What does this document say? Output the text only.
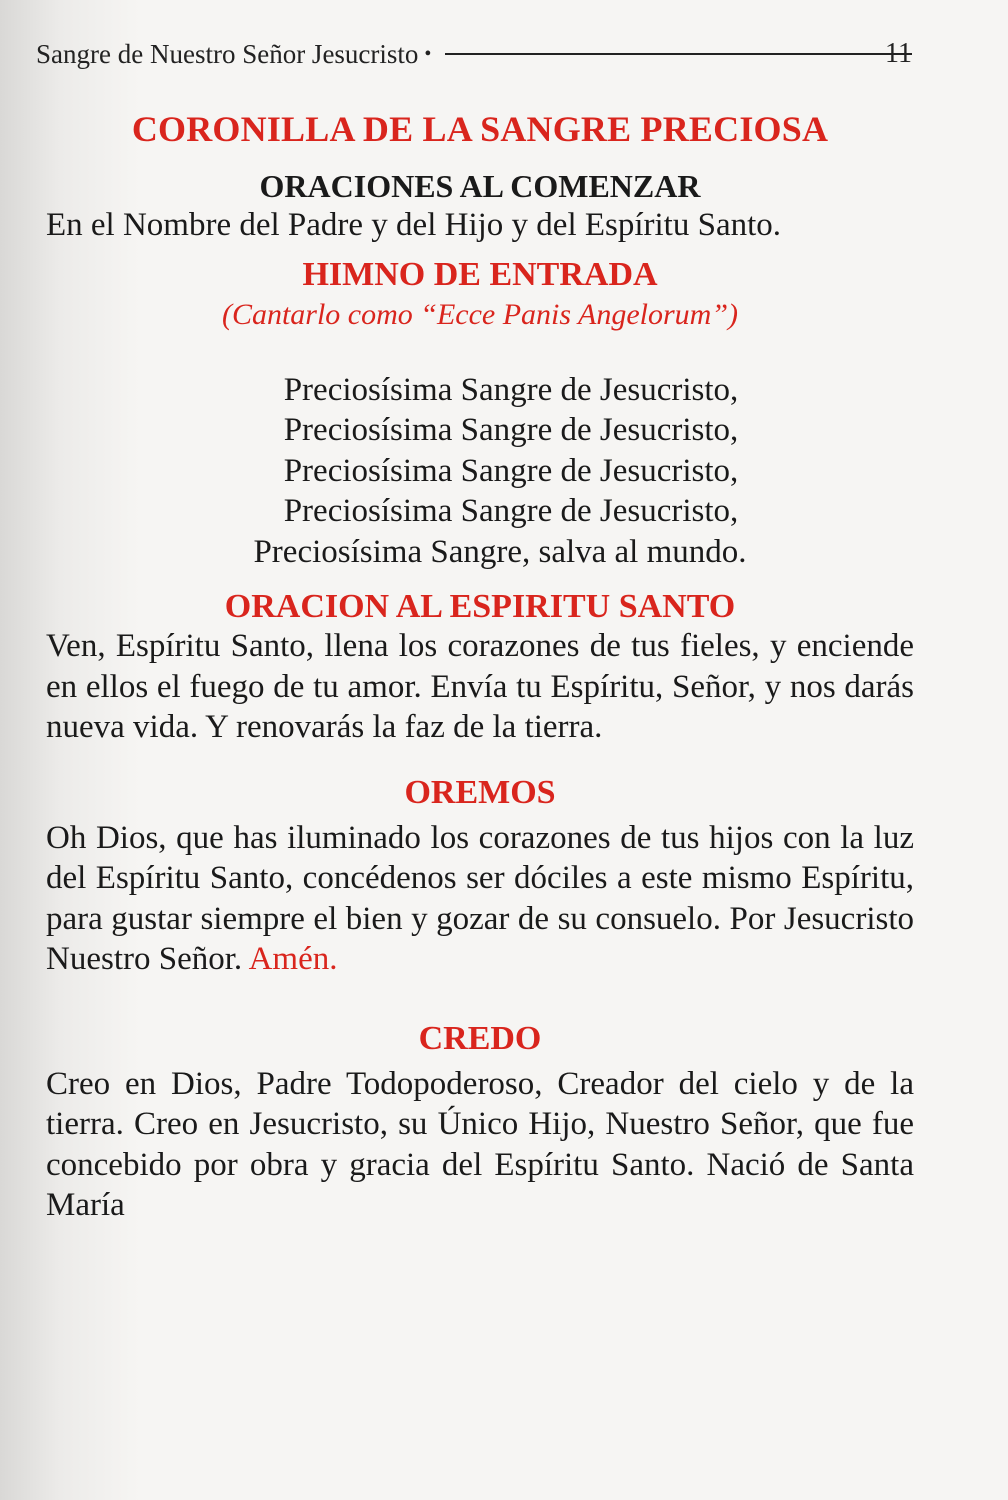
Sangre de Nuestro Señor Jesucristo •	11
CORONILLA DE LA SANGRE PRECIOSA
ORACIONES AL COMENZAR

En el Nombre del Padre y del Hijo y del Espíritu Santo.

HIMNO DE ENTRADA
(Cantarlo como “Ecce Panis Angelorum”)
Preciosísima Sangre de Jesucristo,
Preciosísima Sangre de Jesucristo,
Preciosísima Sangre de Jesucristo,
Preciosísima Sangre de Jesucristo,
Preciosísima Sangre, salva al mundo.
ORACION AL ESPIRITU SANTO

Ven, Espíritu Santo, llena los corazones de tus fieles, y enciende en ellos el fuego de tu amor. Envía tu Espíritu, Señor, y nos darás nueva vida. Y renovarás la faz de la tierra.

OREMOS

Oh Dios, que has iluminado los corazones de tus hijos con la luz del Espíritu Santo, concédenos ser dóciles a este mismo Espíritu, para gustar siempre el bien y gozar de su consuelo. Por Jesucristo Nuestro Señor. Amén.

CREDO

Creo en Dios, Padre Todopoderoso, Creador del cielo y de la tierra. Creo en Jesucristo, su Único Hijo, Nuestro Señor, que fue concebido por obra y gracia del Espíritu Santo. Nació de Santa María
